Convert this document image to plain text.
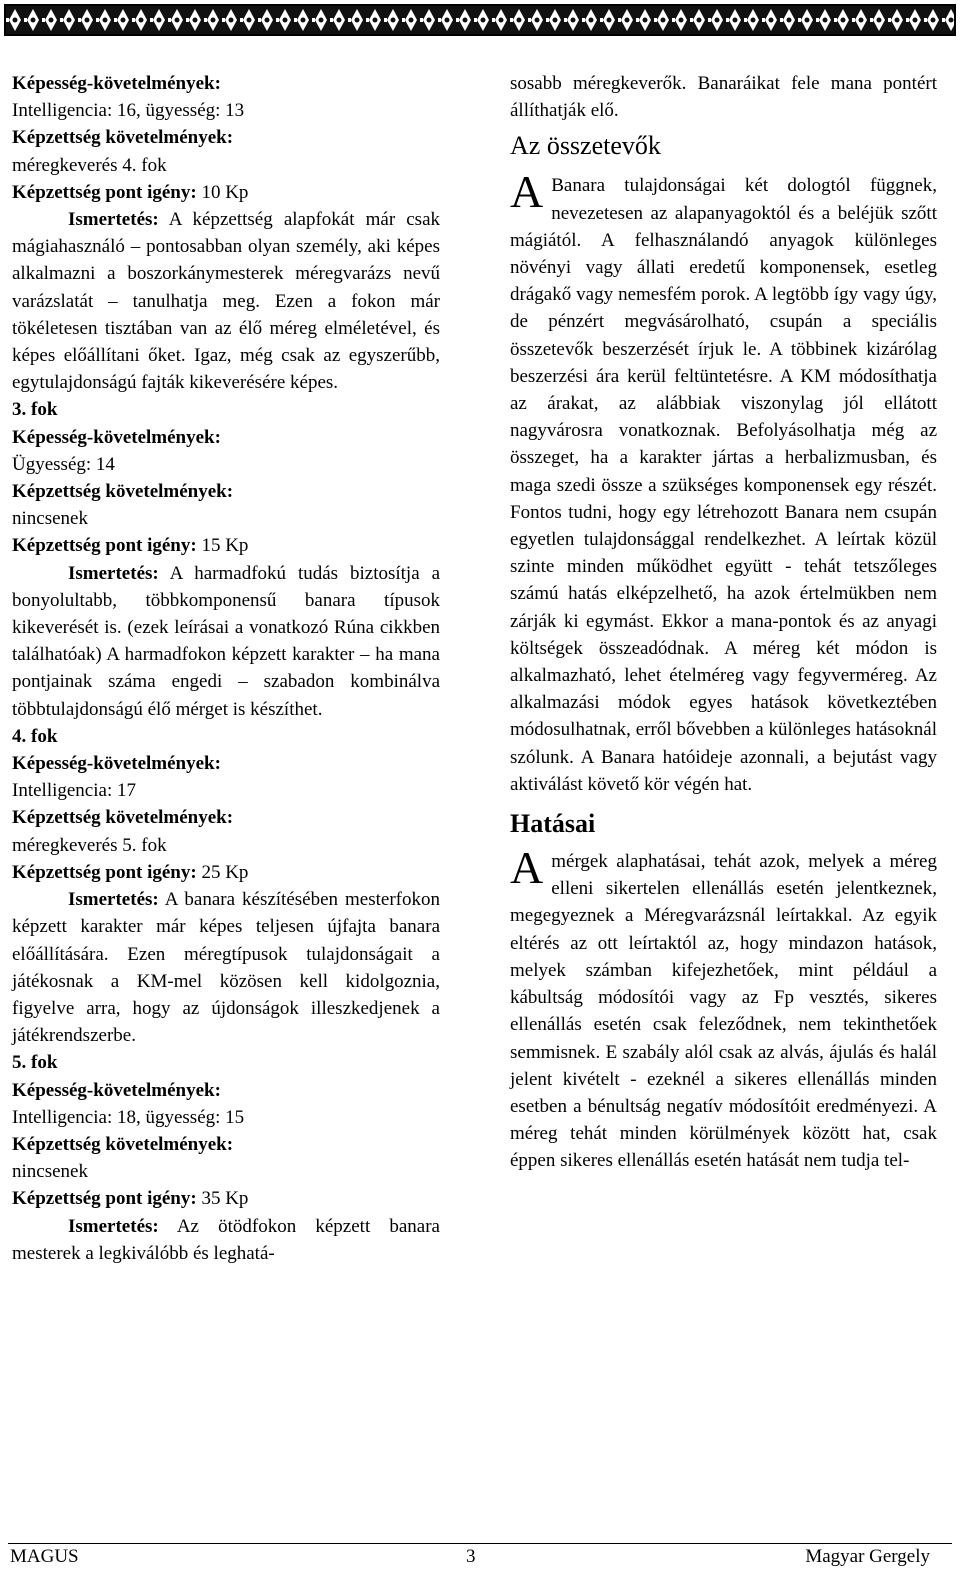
Képesség-követelmények:
Intelligencia: 16, ügyesség: 13
Képzettség követelmények:
méregkeverés 4. fok
Képzettség pont igény: 10 Kp

Ismertetés: A képzettség alapfokát már csak mágiahasználó – pontosabban olyan személy, aki képes alkalmazni a boszorkánymesterek méregvarázs nevű varázslatát – tanulhatja meg. Ezen a fokon már tökéletesen tisztában van az élő méreg elméletével, és képes előállítani őket. Igaz, még csak az egyszerűbb, egytulajdonságú fajták kikeverésére képes.

3. fok
Képesség-követelmények:
Ügyesség: 14
Képzettség követelmények:
nincsenek
Képzettség pont igény: 15 Kp

Ismertetés: A harmadfokú tudás biztosítja a bonyolultabb, többkomponensű banara típusok kikeverését is. (ezek leírásai a vonatkozó Rúna cikkben találhatóak) A harmadfokon képzett karakter – ha mana pontjainak száma engedi – szabadon kombinálva többtulajdonságú élő mérget is készíthet.

4. fok
Képesség-követelmények:
Intelligencia: 17
Képzettség követelmények:
méregkeverés 5. fok
Képzettség pont igény: 25 Kp

Ismertetés: A banara készítésében mesterfokon képzett karakter már képes teljesen újfajta banara előállítására. Ezen méregtípusok tulajdonságait a játékosnak a KM-mel közösen kell kidolgoznia, figyelve arra, hogy az újdonságok illeszkedjenek a játékrendszerbe.

5. fok
Képesség-követelmények:
Intelligencia: 18, ügyesség: 15
Képzettség követelmények:
nincsenek
Képzettség pont igény: 35 Kp

Ismertetés: Az ötödfokon képzett banara mesterek a legkiválóbb és leghatá-

sosabb méregkeverők. Banaráikat fele mana pontért állíthatják elő.

Az összetevők

A Banara tulajdonságai két dologtól függnek, nevezetesen az alapanyagoktól és a beléjük szőtt mágiától. A felhasználandó anyagok különleges növényi vagy állati eredetű komponensek, esetleg drágakő vagy nemesfém porok. A legtöbb így vagy úgy, de pénzért megvásárolható, csupán a speciális összetevők beszerzését írjuk le. A többinek kizárólag beszerzési ára kerül feltüntetésre. A KM módosíthatja az árakat, az alábbiak viszonylag jól ellátott nagyvárosra vonatkoznak. Befolyásolhatja még az összeget, ha a karakter jártas a herbalizmusban, és maga szedi össze a szükséges komponensek egy részét. Fontos tudni, hogy egy létrehozott Banara nem csupán egyetlen tulajdonsággal rendelkezhet. A leírtak közül szinte minden működhet együtt - tehát tetszőleges számú hatás elképzelhető, ha azok értelmükben nem zárják ki egymást. Ekkor a mana-pontok és az anyagi költségek összeadódnak. A méreg két módon is alkalmazható, lehet ételméreg vagy fegyverméreg. Az alkalmazási módok egyes hatások következtében módosulhatnak, erről bővebben a különleges hatásoknál szólunk. A Banara hatóideje azonnali, a bejutást vagy aktiválást követő kör végén hat.

Hatásai

Amérgek alaphatásai, tehát azok, melyek a méreg elleni sikertelen ellenállás esetén jelentkeznek, megegyeznek a Méregvarázsnál leírtakkal. Az egyik eltérés az ott leírtaktól az, hogy mindazon hatások, melyek számban kifejezhetőek, mint például a kábultság módosítói vagy az Fp vesztés, sikeres ellenállás esetén csak feleződnek, nem tekinthetőek semmisnek. E szabály alól csak az alvás, ájulás és halál jelent kivételt - ezeknél a sikeres ellenállás minden esetben a bénultság negatív módosítóit eredményezi. A méreg tehát minden körülmények között hat, csak éppen sikeres ellenállás esetén hatását nem tudja tel-

MAGUS	3	Magyar Gergely
